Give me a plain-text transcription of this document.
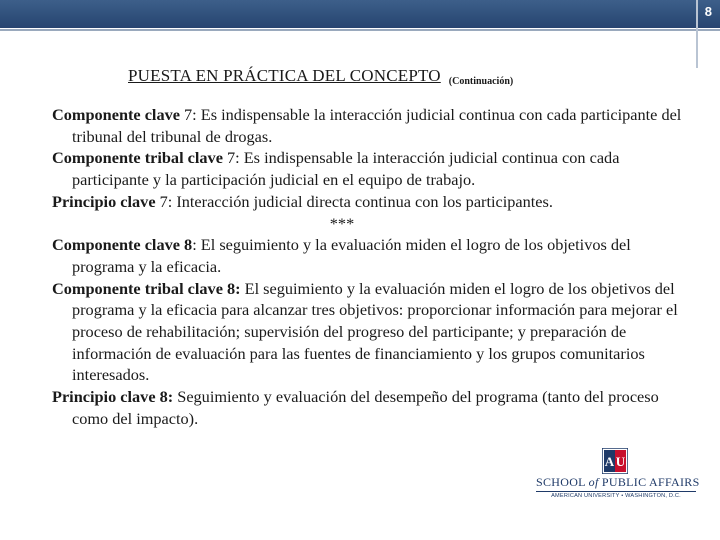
8
PUESTA EN PRÁCTICA DEL CONCEPTO (Continuación)

Componente clave 7: Es indispensable la interacción judicial continua con cada participante del tribunal del tribunal de drogas.

Componente tribal clave 7: Es indispensable la interacción judicial continua con cada participante y la participación judicial en el equipo de trabajo.

Principio clave 7: Interacción judicial directa continua con los participantes.

***

Componente clave 8: El seguimiento y la evaluación miden el logro de los objetivos del programa y la eficacia.

Componente tribal clave 8: El seguimiento y la evaluación miden el logro de los objetivos del programa y la eficacia para alcanzar tres objetivos: proporcionar información para mejorar el proceso de rehabilitación; supervisión del progreso del participante; y preparación de información de evaluación para las fuentes de financiamiento y los grupos comunitarios interesados.

Principio clave 8: Seguimiento y evaluación del desempeño del programa (tanto del proceso como del impacto).

A U
SCHOOL of PUBLIC AFFAIRS
AMERICAN UNIVERSITY • WASHINGTON, D.C.
